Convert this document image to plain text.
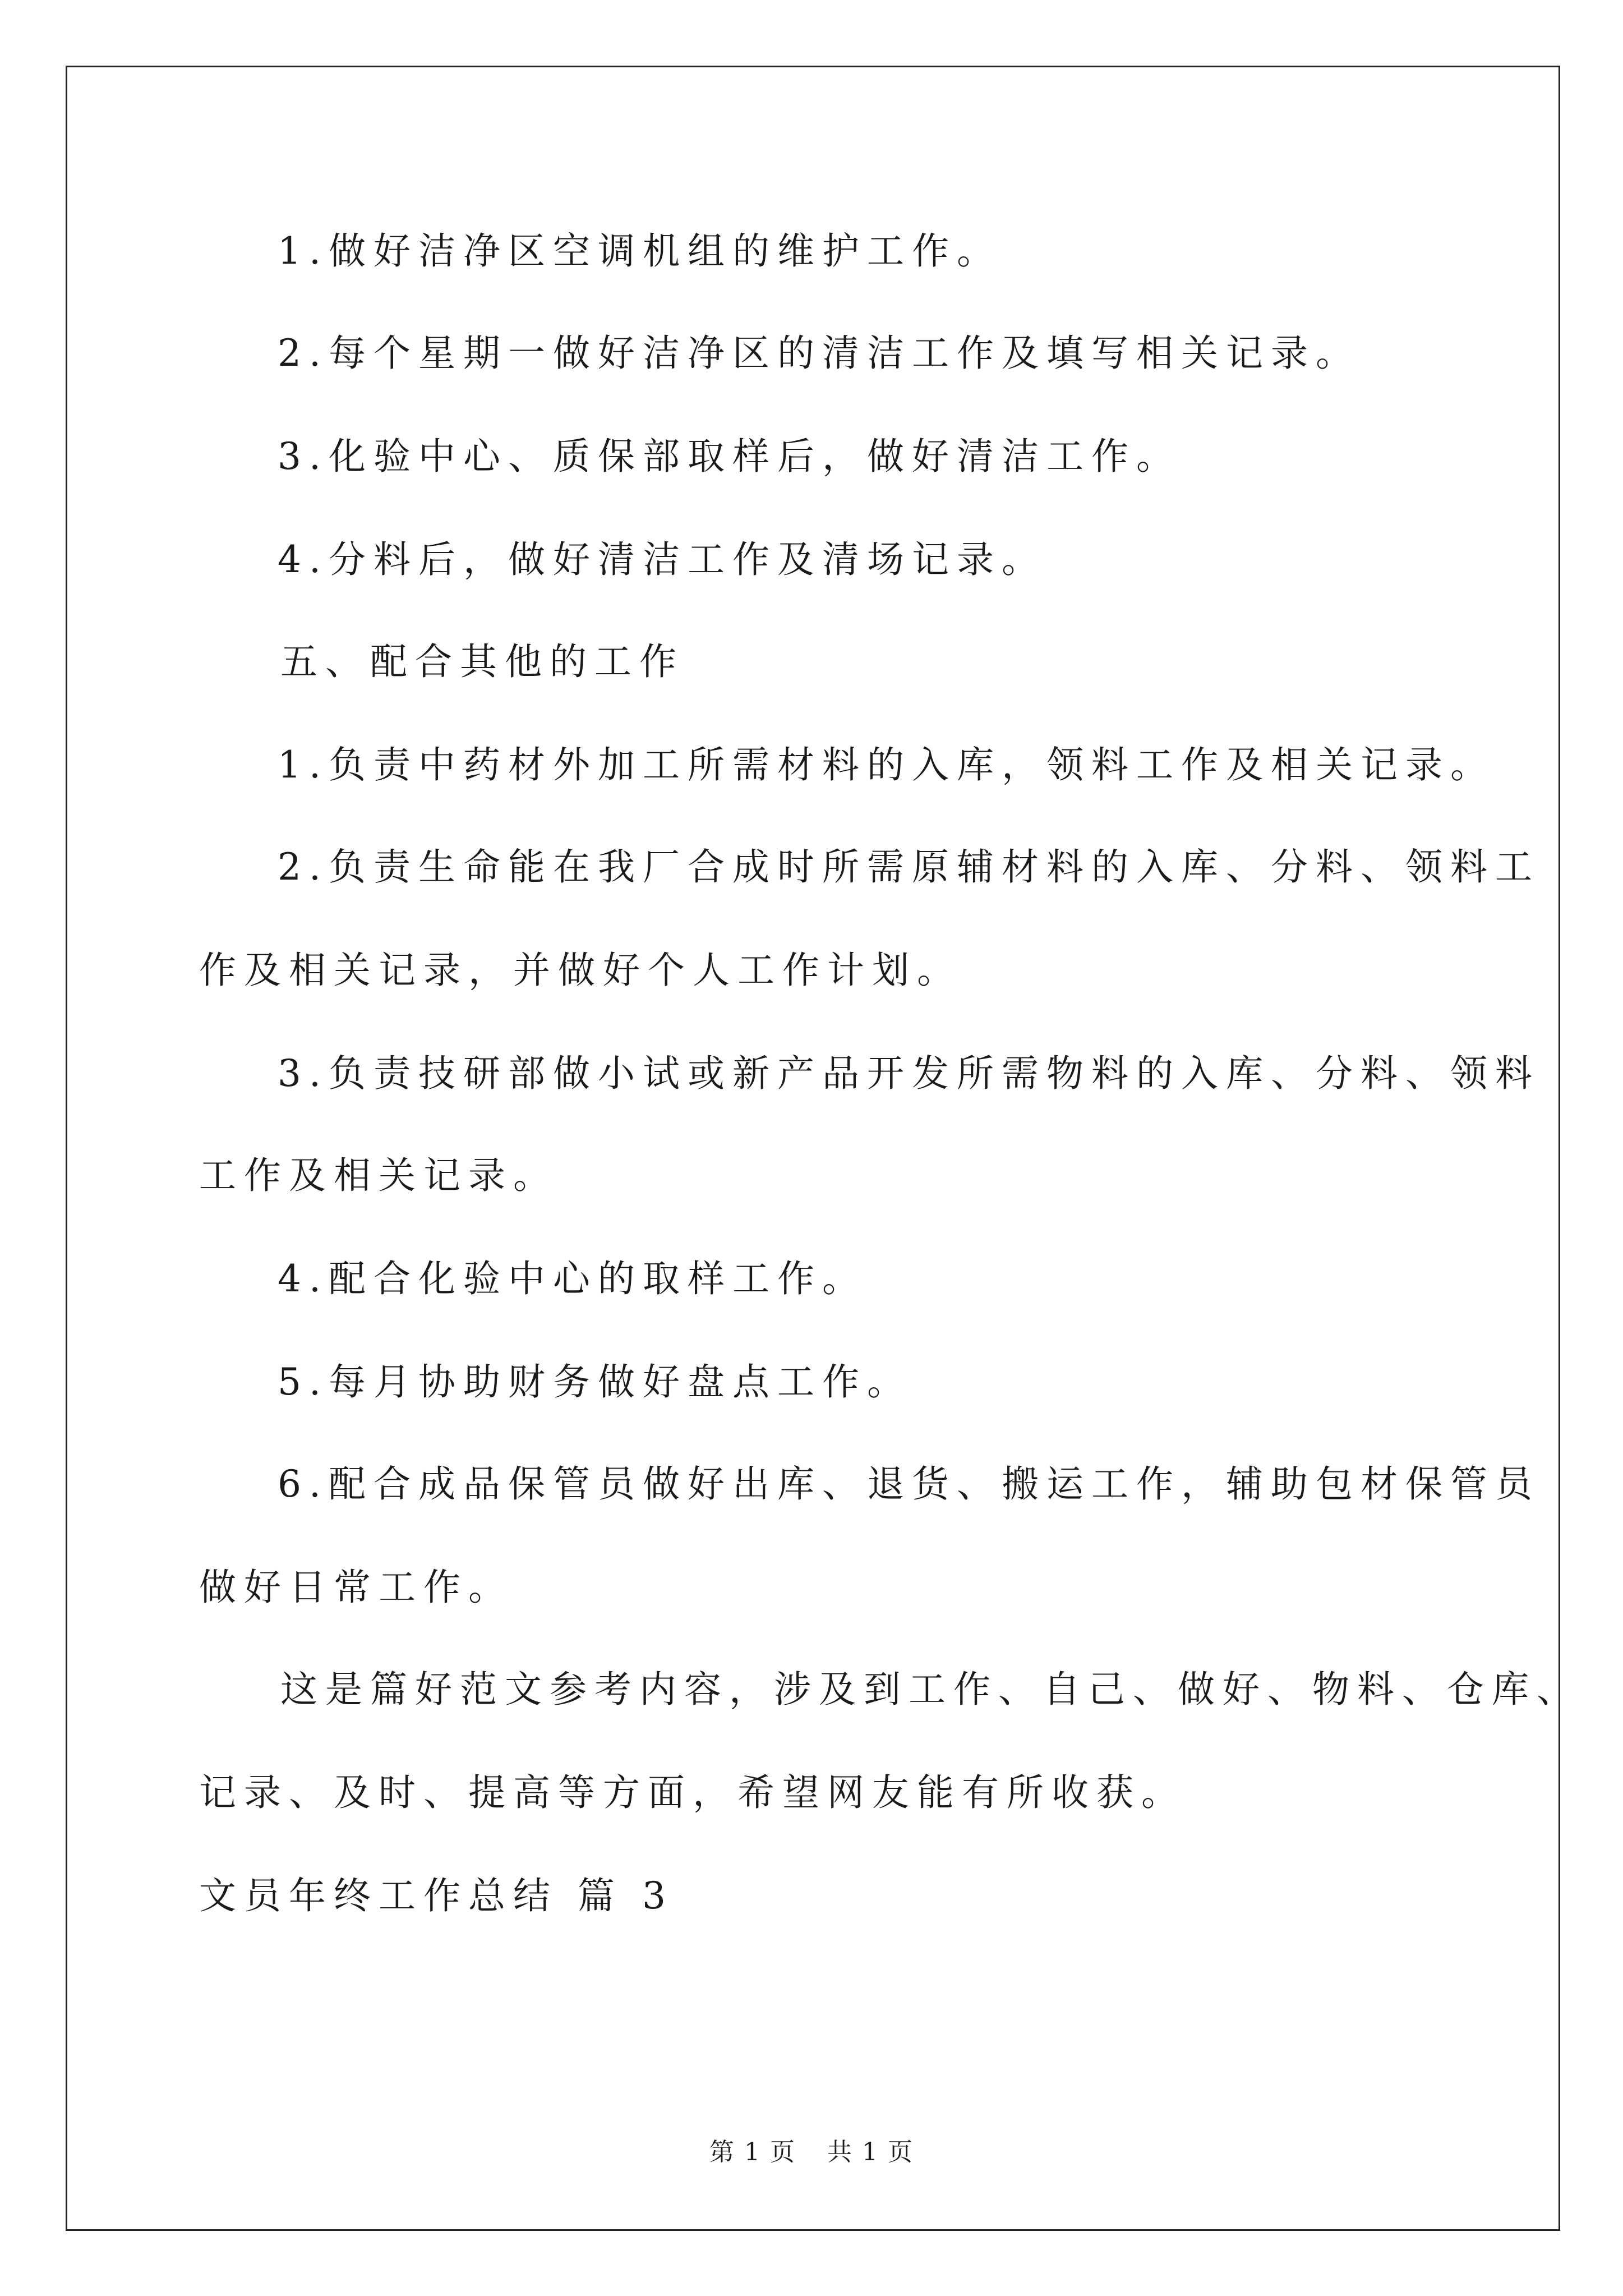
1.做好洁净区空调机组的维护工作。
2.每个星期一做好洁净区的清洁工作及填写相关记录。
3.化验中心、质保部取样后，做好清洁工作。
4.分料后，做好清洁工作及清场记录。
五、配合其他的工作
1.负责中药材外加工所需材料的入库，领料工作及相关记录。
2.负责生命能在我厂合成时所需原辅材料的入库、分料、领料工
作及相关记录，并做好个人工作计划。
3.负责技研部做小试或新产品开发所需物料的入库、分料、领料
工作及相关记录。
4.配合化验中心的取样工作。
5.每月协助财务做好盘点工作。
6.配合成品保管员做好出库、退货、搬运工作，辅助包材保管员
做好日常工作。
这是篇好范文参考内容，涉及到工作、自己、做好、物料、仓库、
记录、及时、提高等方面，希望网友能有所收获。
文员年终工作总结 篇 3
第 1 页 共 1 页
